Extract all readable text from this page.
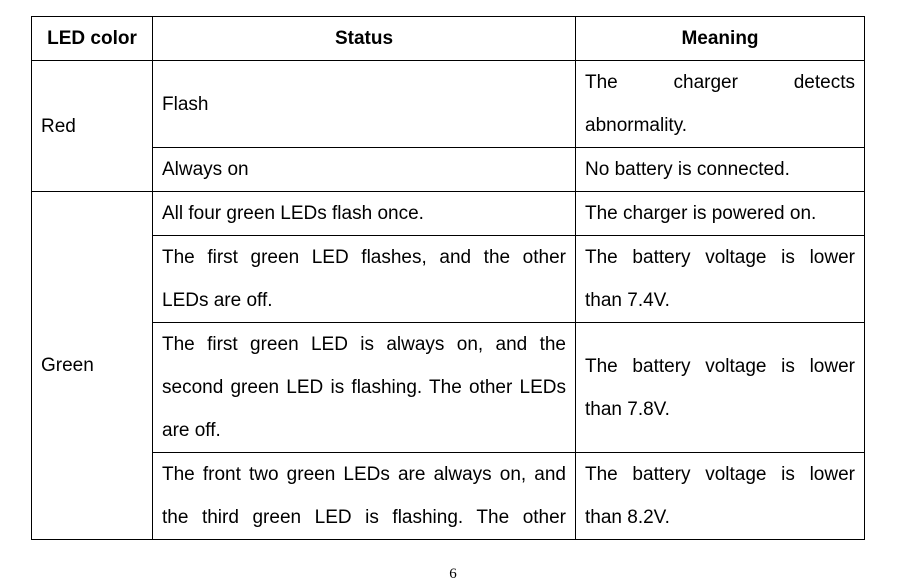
LED color	Status	Meaning
Red	Flash	The charger detects abnormality.
	Always on	No battery is connected.
Green	All four green LEDs flash once.	The charger is powered on.
	The first green LED flashes, and the other LEDs are off.	The battery voltage is lower than 7.4V.
	The first green LED is always on, and the second green LED is flashing. The other LEDs are off.	The battery voltage is lower than 7.8V.
	The front two green LEDs are always on, and the third green LED is flashing. The other	The battery voltage is lower than 8.2V.
6
